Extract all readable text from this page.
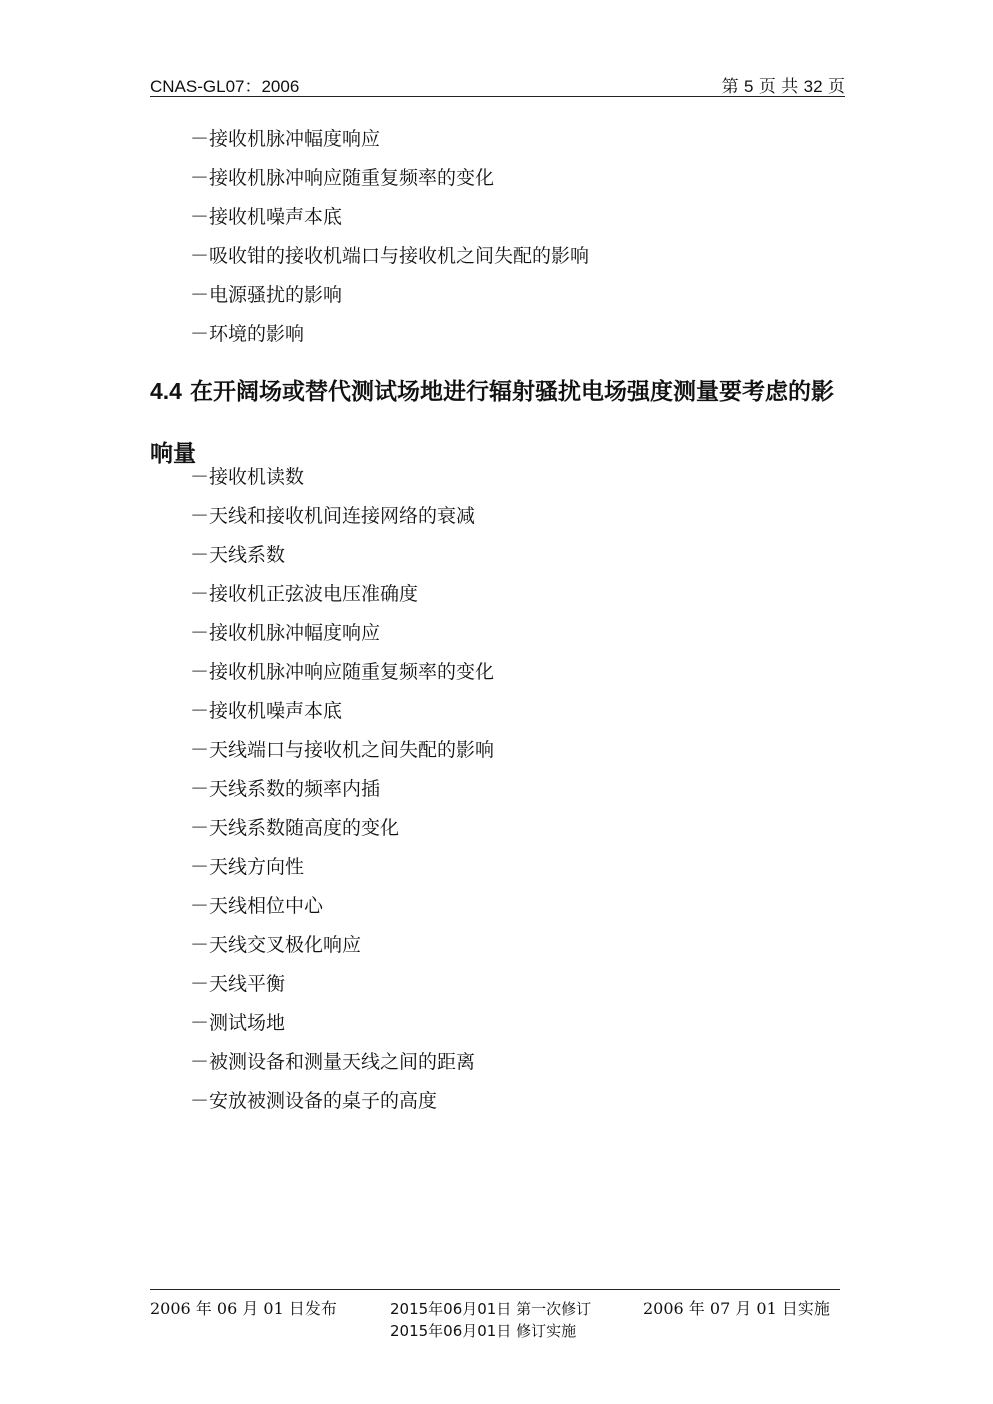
CNAS-GL07：2006	第 5 页 共 32 页
－接收机脉冲幅度响应
－接收机脉冲响应随重复频率的变化
－接收机噪声本底
－吸收钳的接收机端口与接收机之间失配的影响
－电源骚扰的影响
－环境的影响
4.4 在开阔场或替代测试场地进行辐射骚扰电场强度测量要考虑的影响量
－接收机读数
－天线和接收机间连接网络的衰减
－天线系数
－接收机正弦波电压准确度
－接收机脉冲幅度响应
－接收机脉冲响应随重复频率的变化
－接收机噪声本底
－天线端口与接收机之间失配的影响
－天线系数的频率内插
－天线系数随高度的变化
－天线方向性
－天线相位中心
－天线交叉极化响应
－天线平衡
－测试场地
－被测设备和测量天线之间的距离
－安放被测设备的桌子的高度
2006 年 06 月 01 日发布	2015年06月01日 第一次修订
2015年06月01日 修订实施
2006 年 07 月 01 日实施
